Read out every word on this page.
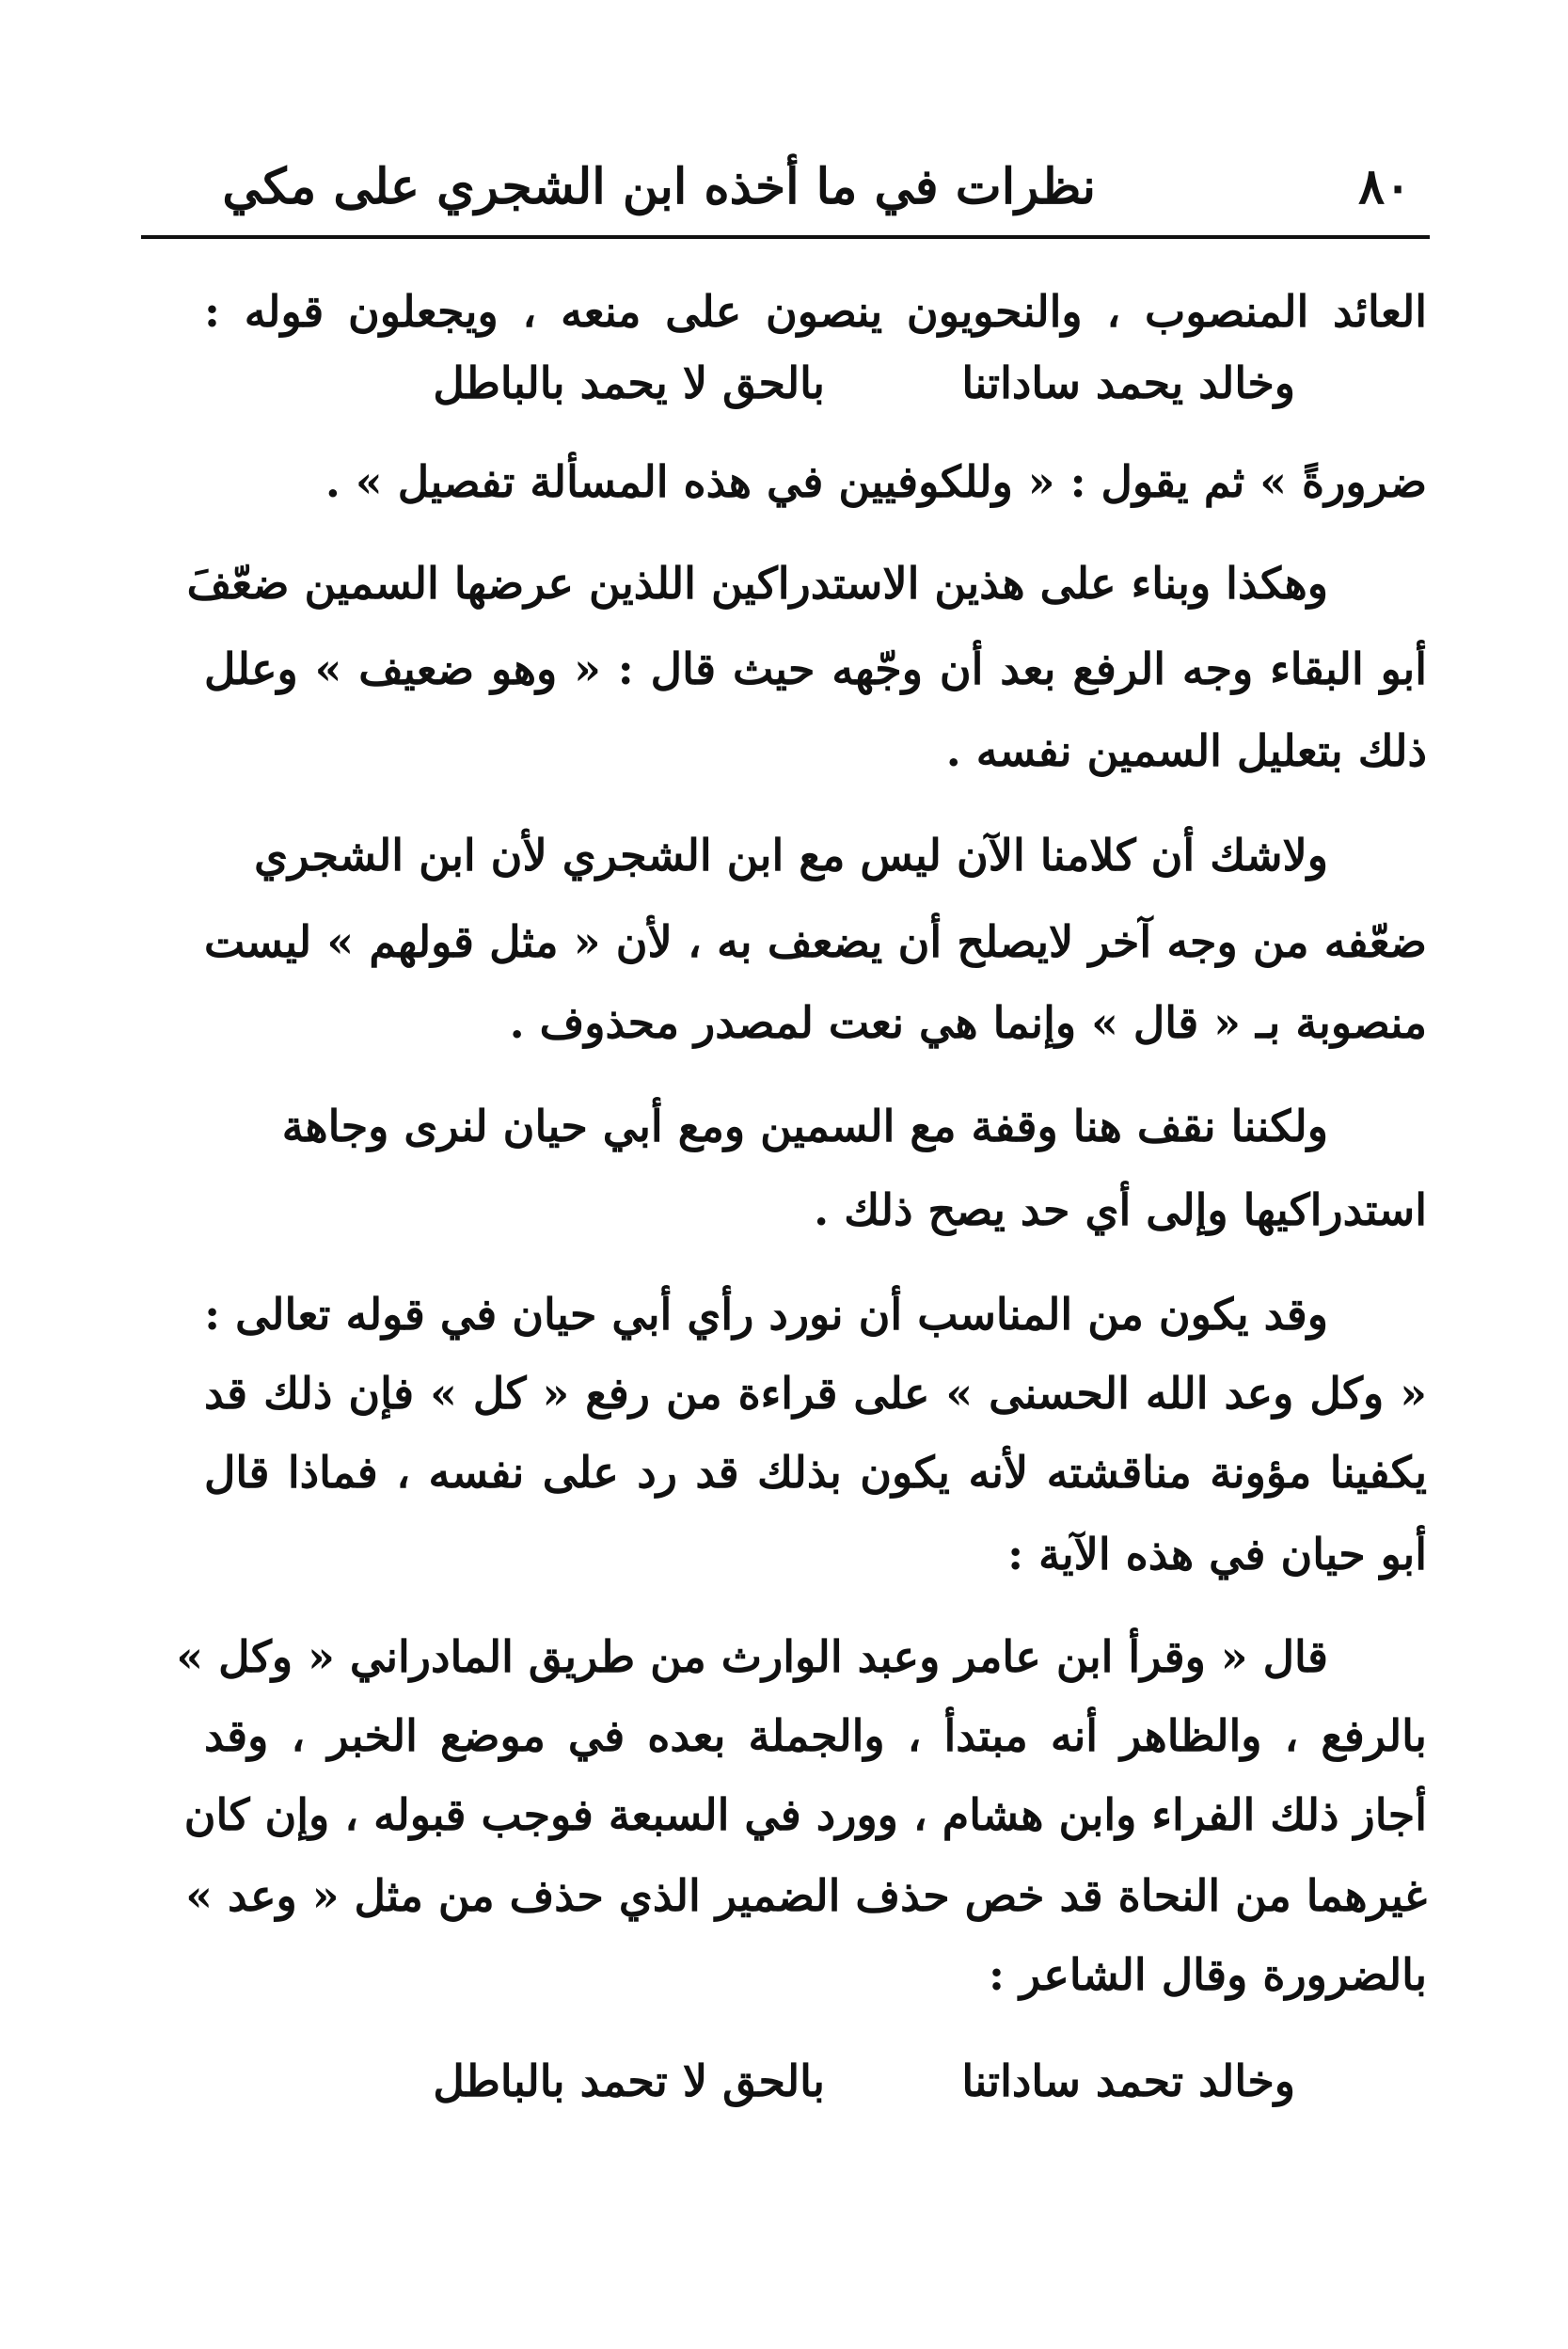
٨٠
نظرات في ما أخذه ابن الشجري على مكي
العائد المنصوب ، والنحويون ينصون على منعه ، ويجعلون قوله :
وخالد يحمد ساداتنا
بالحق لا يحمد بالباطل
ضرورةً » ثم يقول : « وللكوفيين في هذه المسألة تفصيل » .
وهكذا وبناء على هذين الاستدراكين اللذين عرضها السمين ضعّفَ
أبو البقاء وجه الرفع بعد أن وجّهه حيث قال : « وهو ضعيف » وعلل
ذلك بتعليل السمين نفسه .
ولاشك أن كلامنا الآن ليس مع ابن الشجري لأن ابن الشجري
ضعّفه من وجه آخر لايصلح أن يضعف به ، لأن « مثل قولهم » ليست
منصوبة بـ « قال » وإنما هي نعت لمصدر محذوف .
ولكننا نقف هنا وقفة مع السمين ومع أبي حيان لنرى وجاهة
استدراكيها وإلى أي حد يصح ذلك .
وقد يكون من المناسب أن نورد رأي أبي حيان في قوله تعالى :
« وكل وعد الله الحسنى » على قراءة من رفع « كل » فإن ذلك قد
يكفينا مؤونة مناقشته لأنه يكون بذلك قد رد على نفسه ، فماذا قال
أبو حيان في هذه الآية :
قال « وقرأ ابن عامر وعبد الوارث من طريق المادراني « وكل »
بالرفع ، والظاهر أنه مبتدأ ، والجملة بعده في موضع الخبر ، وقد
أجاز ذلك الفراء وابن هشام ، وورد في السبعة فوجب قبوله ، وإن كان
غيرهما من النحاة قد خص حذف الضمير الذي حذف من مثل « وعد »
بالضرورة وقال الشاعر :
وخالد تحمد ساداتنا
بالحق لا تحمد بالباطل
